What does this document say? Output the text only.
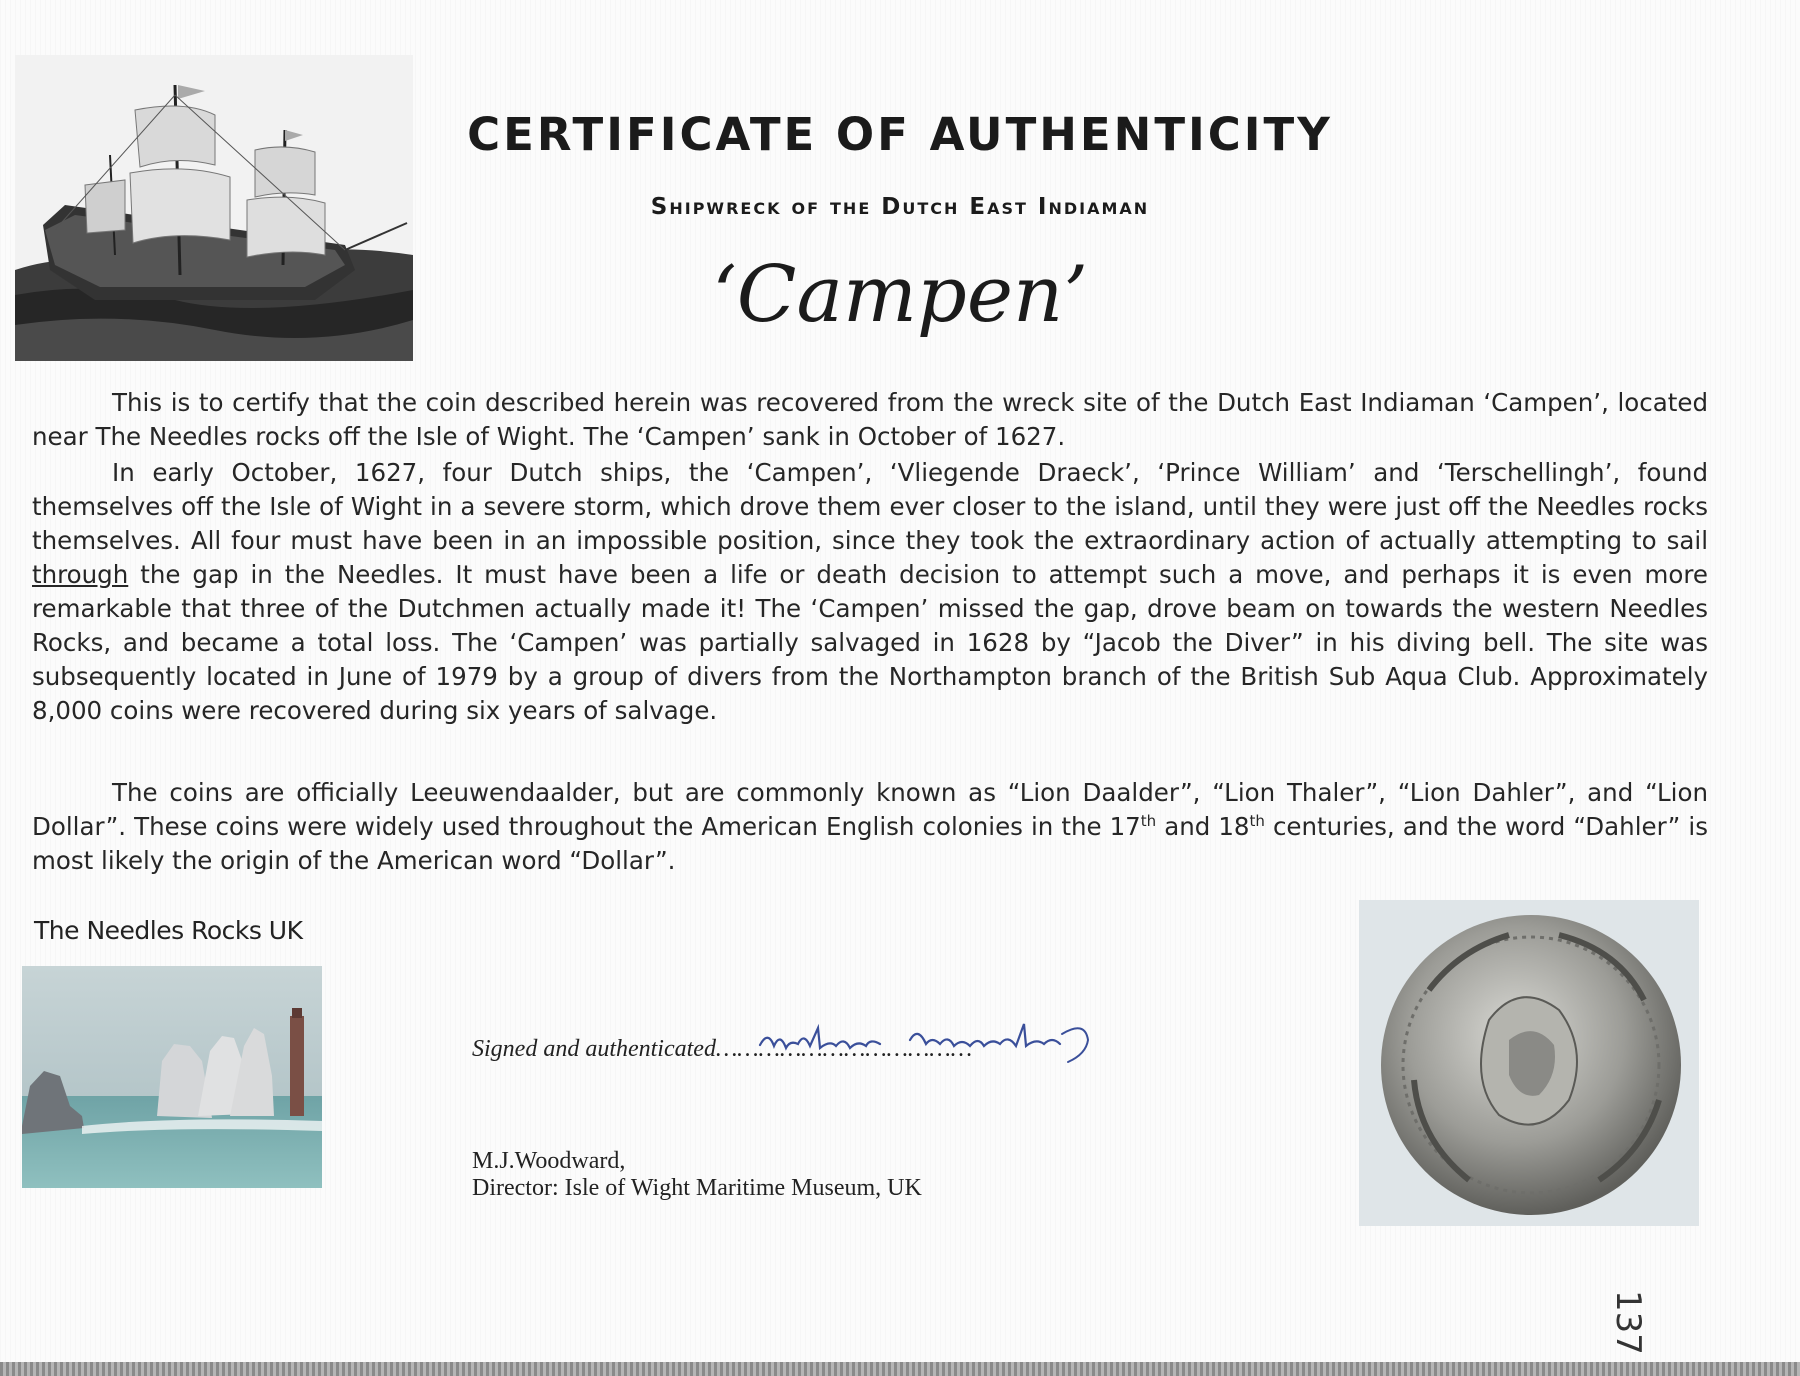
CERTIFICATE OF AUTHENTICITY
Shipwreck of the Dutch East Indiaman
‘Campen’
This is to certify that the coin described herein was recovered from the wreck site of the Dutch East Indiaman ‘Campen’, located near The Needles rocks off the Isle of Wight. The ‘Campen’ sank in October of 1627.
In early October, 1627, four Dutch ships, the ‘Campen’, ‘Vliegende Draeck’, ‘Prince William’ and ‘Terschellingh’, found themselves off the Isle of Wight in a severe storm, which drove them ever closer to the island, until they were just off the Needles rocks themselves. All four must have been in an impossible position, since they took the extraordinary action of actually attempting to sail through the gap in the Needles. It must have been a life or death decision to attempt such a move, and perhaps it is even more remarkable that three of the Dutchmen actually made it! The ‘Campen’ missed the gap, drove beam on towards the western Needles Rocks, and became a total loss. The ‘Campen’ was partially salvaged in 1628 by “Jacob the Diver” in his diving bell. The site was subsequently located in June of 1979 by a group of divers from the Northampton branch of the British Sub Aqua Club. Approximately 8,000 coins were recovered during six years of salvage.
The coins are officially Leeuwendaalder, but are commonly known as “Lion Daalder”, “Lion Thaler”, “Lion Dahler”, and “Lion Dollar”. These coins were widely used throughout the American English colonies in the 17th and 18th centuries, and the word “Dahler” is most likely the origin of the American word “Dollar”.
The Needles Rocks UK
Signed and authenticated………………………………
M.J.Woodward,
Director: Isle of Wight Maritime Museum, UK
137
